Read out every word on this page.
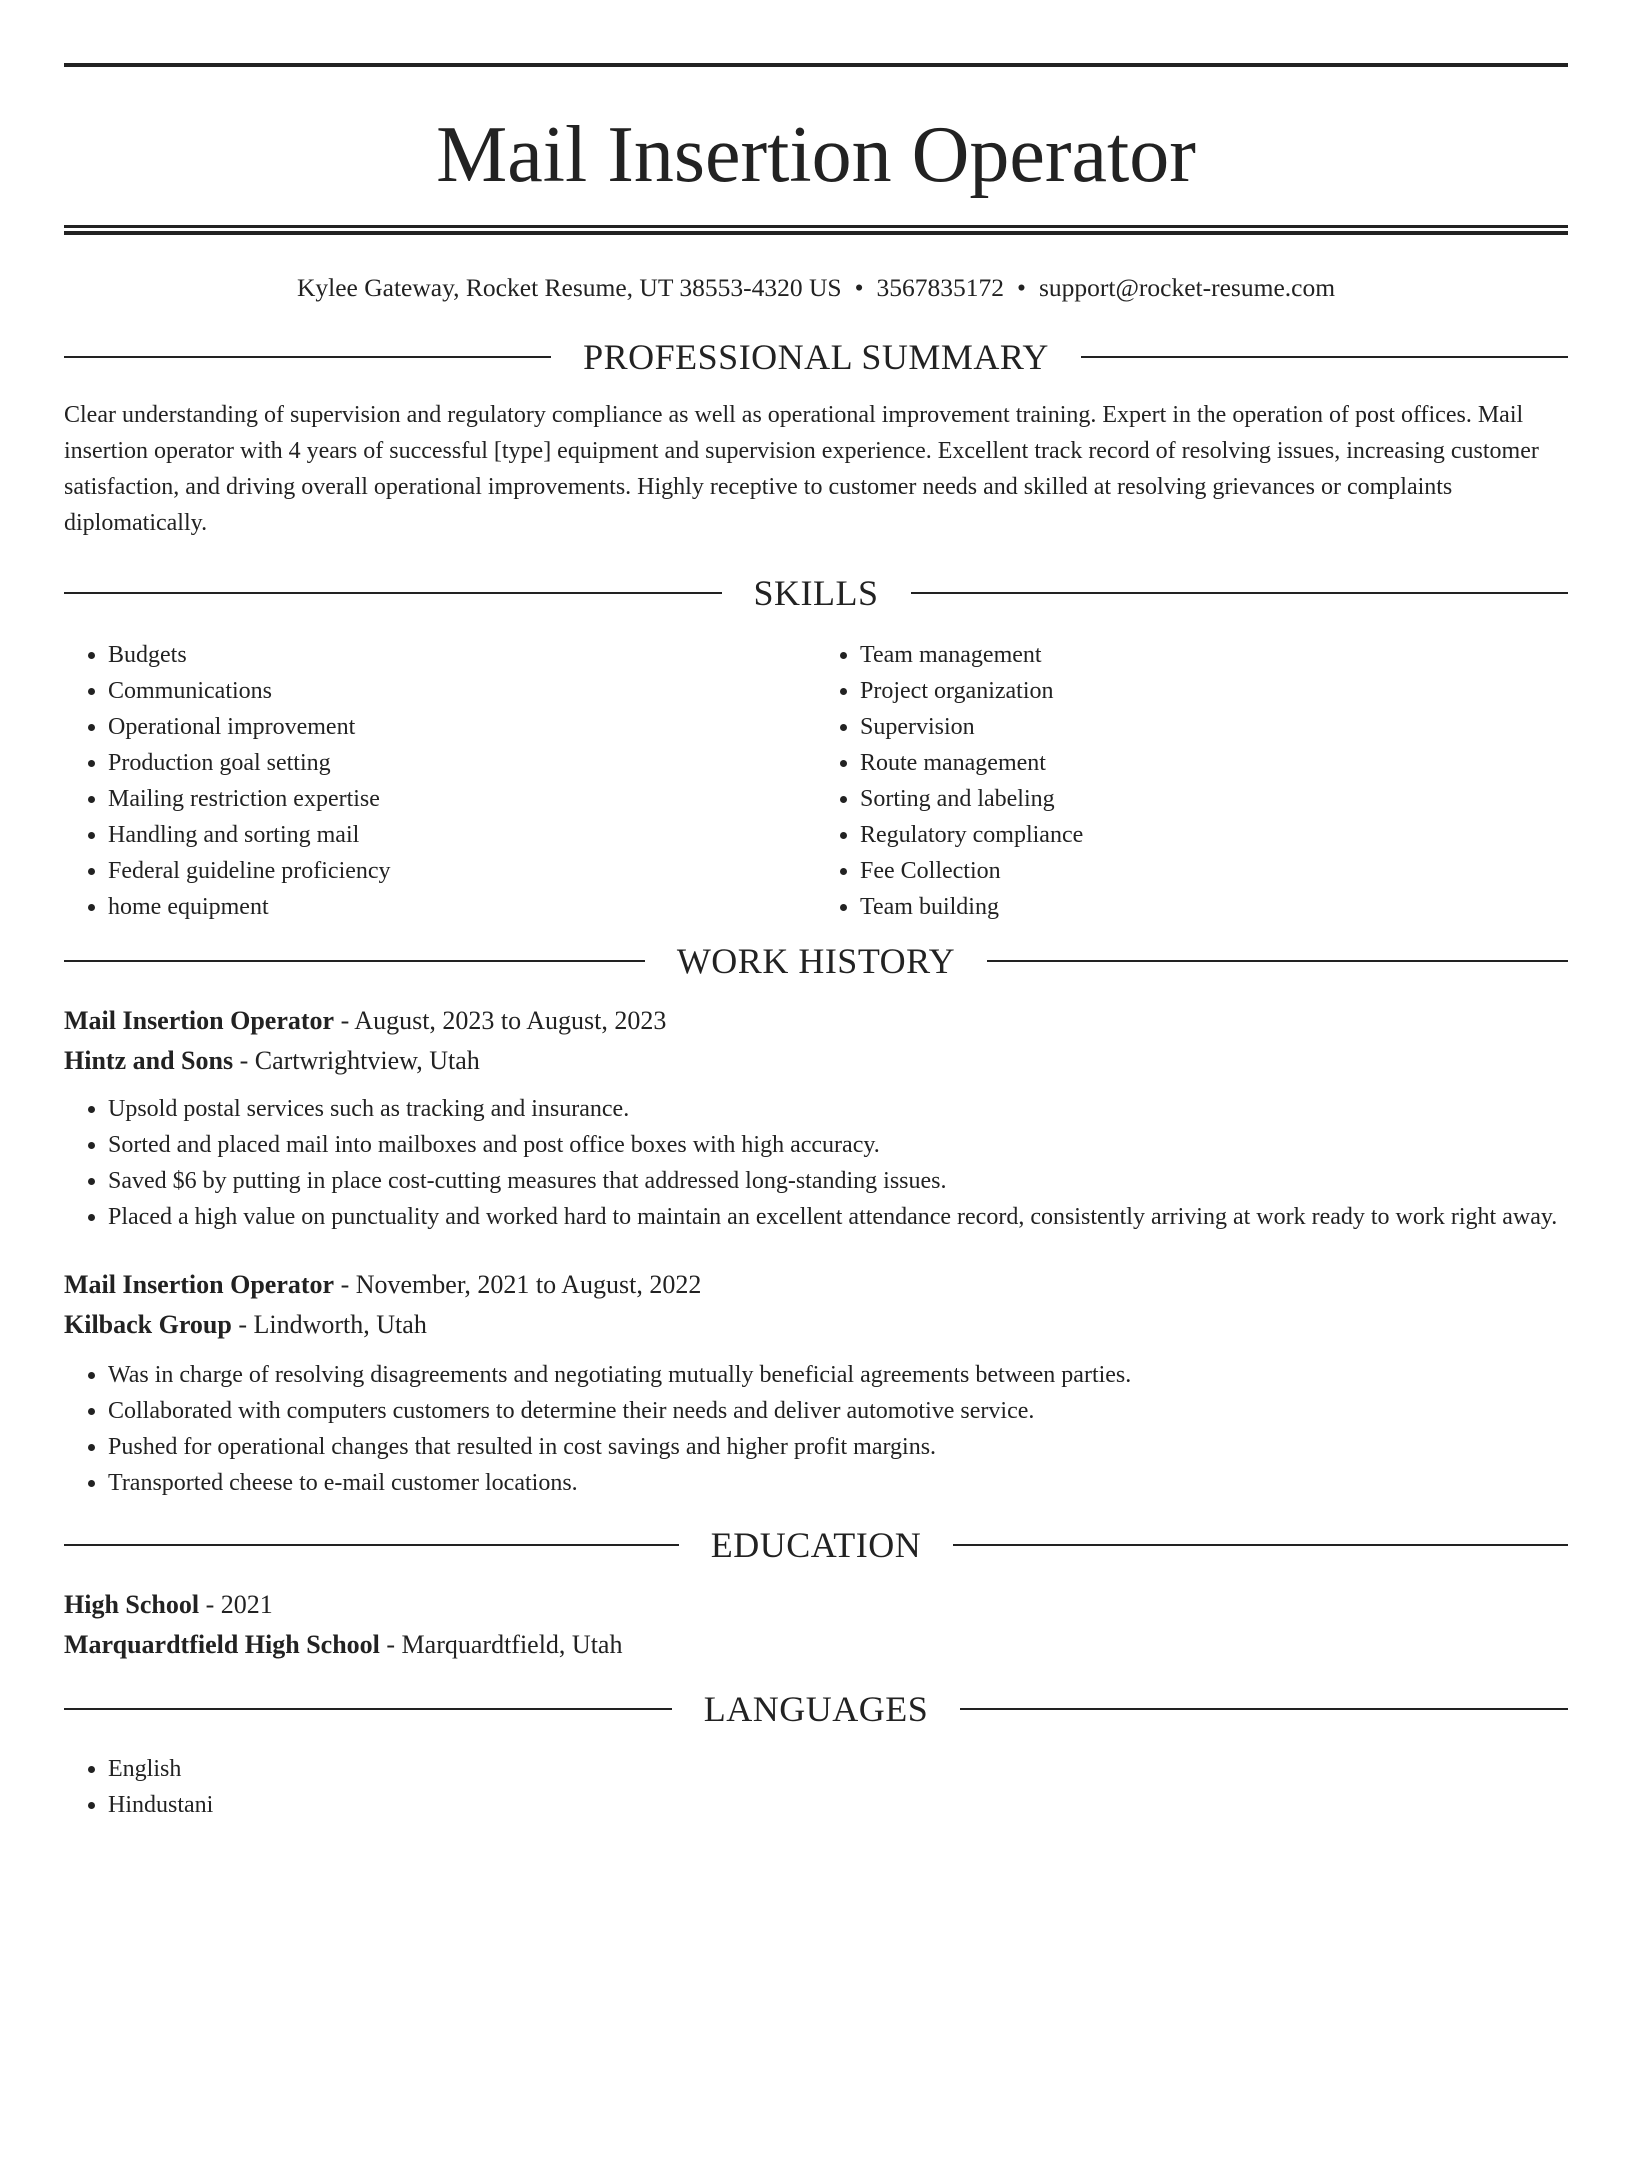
Mail Insertion Operator
Kylee Gateway, Rocket Resume, UT 38553-4320 US • 3567835172 • support@rocket-resume.com
PROFESSIONAL SUMMARY
Clear understanding of supervision and regulatory compliance as well as operational improvement training. Expert in the operation of post offices. Mail insertion operator with 4 years of successful [type] equipment and supervision experience. Excellent track record of resolving issues, increasing customer satisfaction, and driving overall operational improvements. Highly receptive to customer needs and skilled at resolving grievances or complaints diplomatically.
SKILLS
• Budgets
• Communications
• Operational improvement
• Production goal setting
• Mailing restriction expertise
• Handling and sorting mail
• Federal guideline proficiency
• home equipment
• Team management
• Project organization
• Supervision
• Route management
• Sorting and labeling
• Regulatory compliance
• Fee Collection
• Team building
WORK HISTORY
Mail Insertion Operator - August, 2023 to August, 2023
Hintz and Sons - Cartwrightview, Utah
• Upsold postal services such as tracking and insurance.
• Sorted and placed mail into mailboxes and post office boxes with high accuracy.
• Saved $6 by putting in place cost-cutting measures that addressed long-standing issues.
• Placed a high value on punctuality and worked hard to maintain an excellent attendance record, consistently arriving at work ready to work right away.
Mail Insertion Operator - November, 2021 to August, 2022
Kilback Group - Lindworth, Utah
• Was in charge of resolving disagreements and negotiating mutually beneficial agreements between parties.
• Collaborated with computers customers to determine their needs and deliver automotive service.
• Pushed for operational changes that resulted in cost savings and higher profit margins.
• Transported cheese to e-mail customer locations.
EDUCATION
High School - 2021
Marquardtfield High School - Marquardtfield, Utah
LANGUAGES
• English
• Hindustani
